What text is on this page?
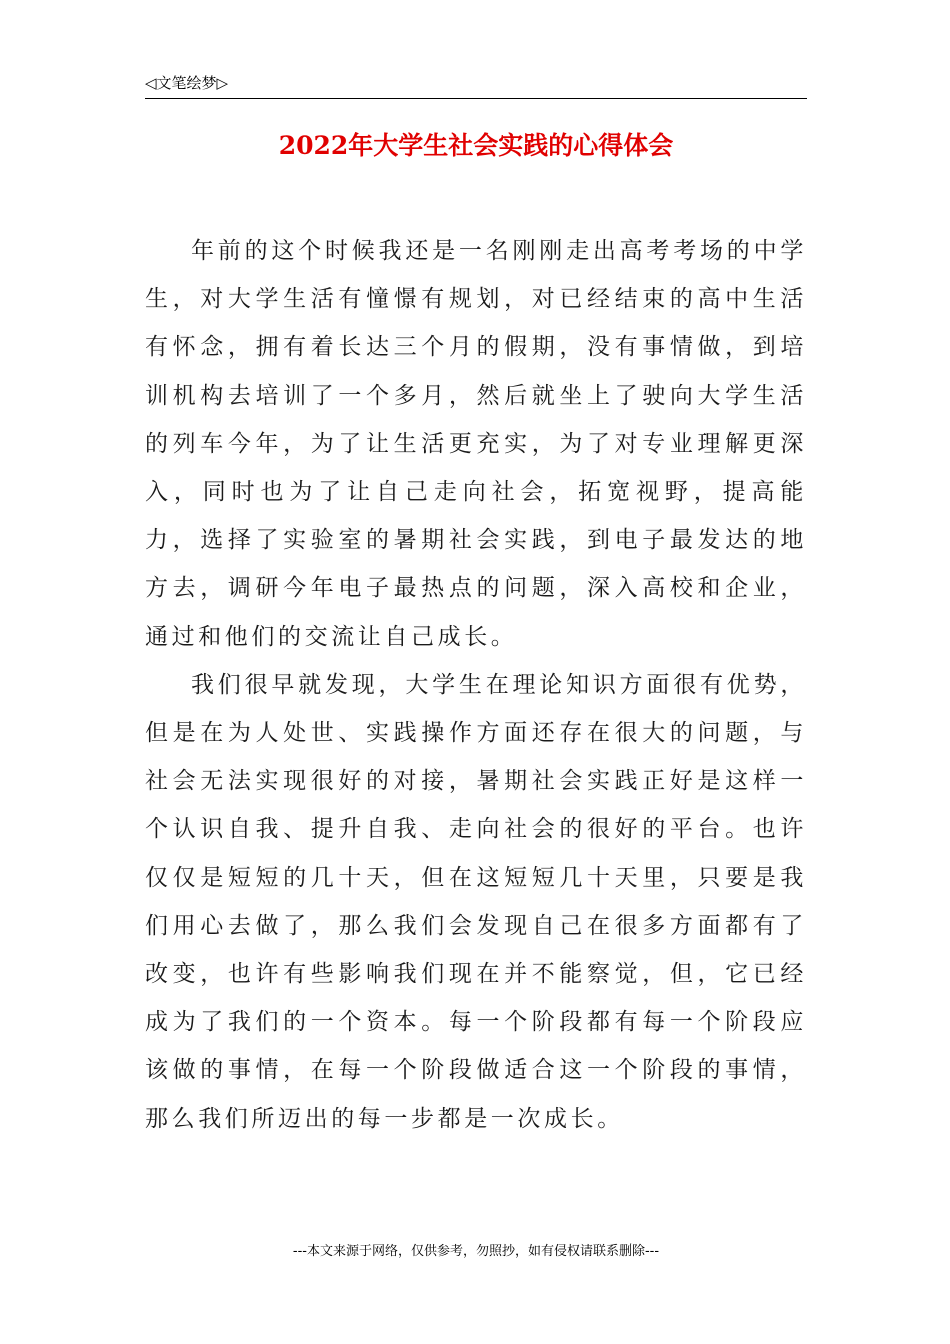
◁文笔绘梦▷
2022年大学生社会实践的心得体会

年前的这个时候我还是一名刚刚走出高考考场的中学生，对大学生活有憧憬有规划，对已经结束的高中生活有怀念，拥有着长达三个月的假期，没有事情做，到培训机构去培训了一个多月，然后就坐上了驶向大学生活的列车今年，为了让生活更充实，为了对专业理解更深入，同时也为了让自己走向社会，拓宽视野，提高能力，选择了实验室的暑期社会实践，到电子最发达的地方去，调研今年电子最热点的问题，深入高校和企业，通过和他们的交流让自己成长。

我们很早就发现，大学生在理论知识方面很有优势，但是在为人处世、实践操作方面还存在很大的问题，与社会无法实现很好的对接，暑期社会实践正好是这样一个认识自我、提升自我、走向社会的很好的平台。也许仅仅是短短的几十天，但在这短短几十天里，只要是我们用心去做了，那么我们会发现自己在很多方面都有了改变，也许有些影响我们现在并不能察觉，但，它已经成为了我们的一个资本。每一个阶段都有每一个阶段应该做的事情，在每一个阶段做适合这一个阶段的事情，那么我们所迈出的每一步都是一次成长。

---本文来源于网络，仅供参考，勿照抄，如有侵权请联系删除---
